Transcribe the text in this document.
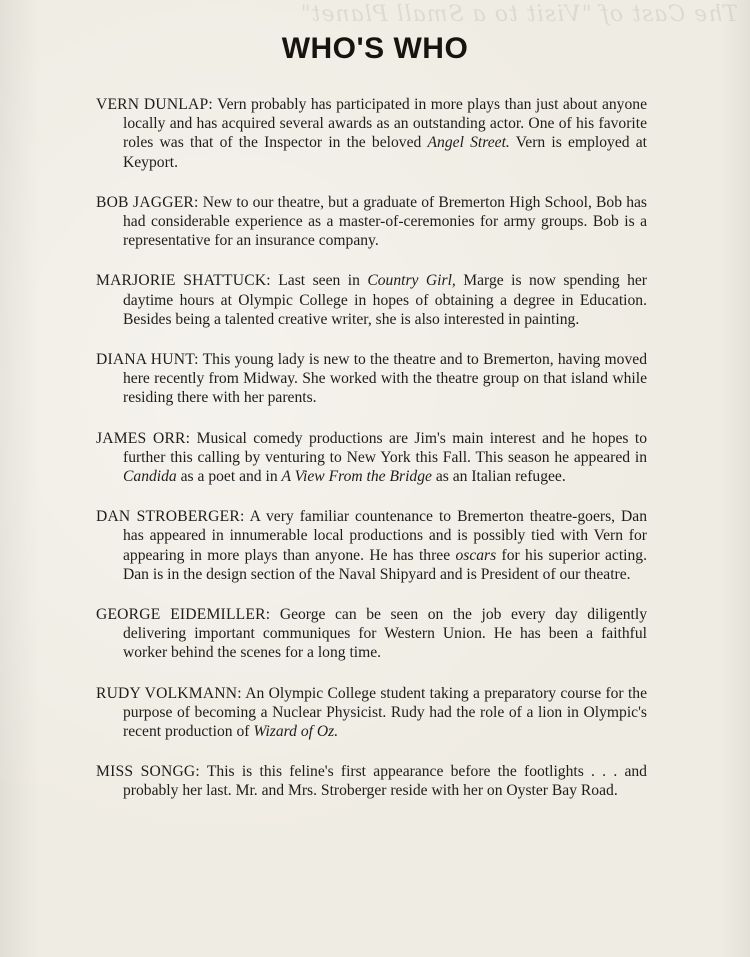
The Cast of "Visit to a Small Planet"
WHO'S WHO

VERN DUNLAP: Vern probably has participated in more plays than just about anyone locally and has acquired several awards as an outstanding actor. One of his favorite roles was that of the Inspector in the beloved Angel Street. Vern is employed at Keyport.

BOB JAGGER: New to our theatre, but a graduate of Bremerton High School, Bob has had considerable experience as a master-of-ceremonies for army groups. Bob is a representative for an insurance company.

MARJORIE SHATTUCK: Last seen in Country Girl, Marge is now spending her daytime hours at Olympic College in hopes of obtaining a degree in Education. Besides being a talented creative writer, she is also interested in painting.

DIANA HUNT: This young lady is new to the theatre and to Bremerton, having moved here recently from Midway. She worked with the theatre group on that island while residing there with her parents.

JAMES ORR: Musical comedy productions are Jim's main interest and he hopes to further this calling by venturing to New York this Fall. This season he appeared in Candida as a poet and in A View From the Bridge as an Italian refugee.

DAN STROBERGER: A very familiar countenance to Bremerton theatre-goers, Dan has appeared in innumerable local productions and is possibly tied with Vern for appearing in more plays than anyone. He has three oscars for his superior acting. Dan is in the design section of the Naval Shipyard and is President of our theatre.

GEORGE EIDEMILLER: George can be seen on the job every day diligently delivering important communiques for Western Union. He has been a faithful worker behind the scenes for a long time.

RUDY VOLKMANN: An Olympic College student taking a preparatory course for the purpose of becoming a Nuclear Physicist. Rudy had the role of a lion in Olympic's recent production of Wizard of Oz.

MISS SONGG: This is this feline's first appearance before the footlights . . . and probably her last. Mr. and Mrs. Stroberger reside with her on Oyster Bay Road.
